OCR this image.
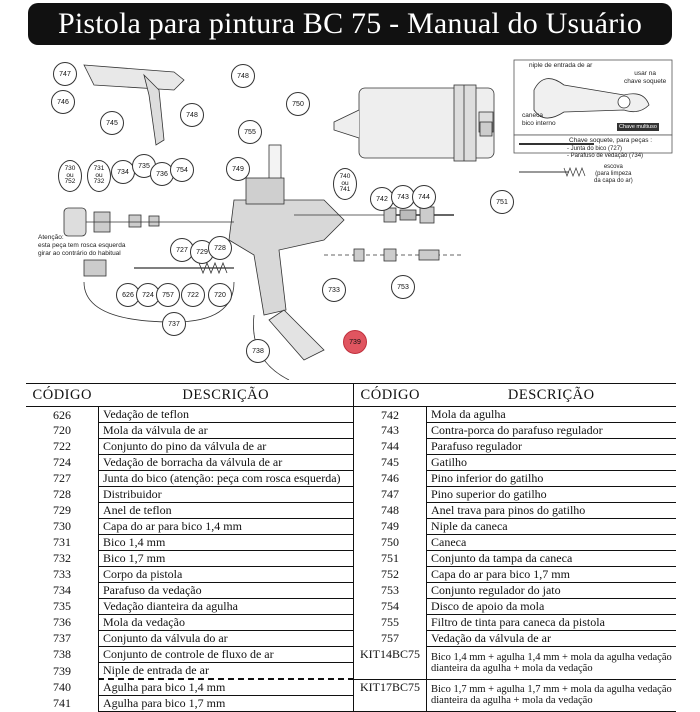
Pistola para pintura BC 75 - Manual do Usuário
747	748
746
748
745
750
755
730
ou
752
731
ou
732
734
735
736
754	749
740
ou
741
742	743	744
751
727	729
728
733	753
626	724	757	722	720
737
738
739
Atenção:
esta peça tem rosca esquerda
girar ao contrário do habitual
niple de entrada de ar
usar na
chave soquete
caneca
bico interno	Chave multiuso
Chave soquete, para peças :
- Junta do bico (727)
- Parafuso de vedação (734)
escova
(para limpeza
da capa do ar)
CÓDIGO	DESCRIÇÃO	CÓDIGO	DESCRIÇÃO
626	Vedação de teflon	742	Mola da agulha
720	Mola da válvula de ar	743	Contra-porca do parafuso regulador
722	Conjunto do pino da válvula de ar	744	Parafuso regulador
724	Vedação de borracha da válvula de ar	745	Gatilho
727	Junta do bico (atenção: peça com rosca esquerda)	746	Pino inferior do gatilho
728	Distribuidor	747	Pino superior do gatilho
729	Anel de teflon	748	Anel trava para pinos do gatilho
730	Capa do ar para bico 1,4 mm	749	Niple da caneca
731	Bico 1,4 mm	750	Caneca
732	Bico 1,7 mm	751	Conjunto da tampa da caneca
733	Corpo da pistola	752	Capa do ar para bico 1,7 mm
734	Parafuso da vedação	753	Conjunto regulador do jato
735	Vedação dianteira da agulha	754	Disco de apoio da mola
736	Mola da vedação	755	Filtro de tinta para caneca da pistola
737	Conjunto da válvula do ar	757	Vedação da válvula de ar
738	Conjunto de controle de fluxo de ar	KIT14BC75	Bico 1,4 mm + agulha 1,4 mm + mola da agulha vedação dianteira da agulha + mola da vedação
739	Niple de entrada de ar		
740	Agulha para bico 1,4 mm	KIT17BC75	Bico 1,7 mm + agulha 1,7 mm + mola da agulha vedação dianteira da agulha + mola da vedação
741	Agulha para bico 1,7 mm		
